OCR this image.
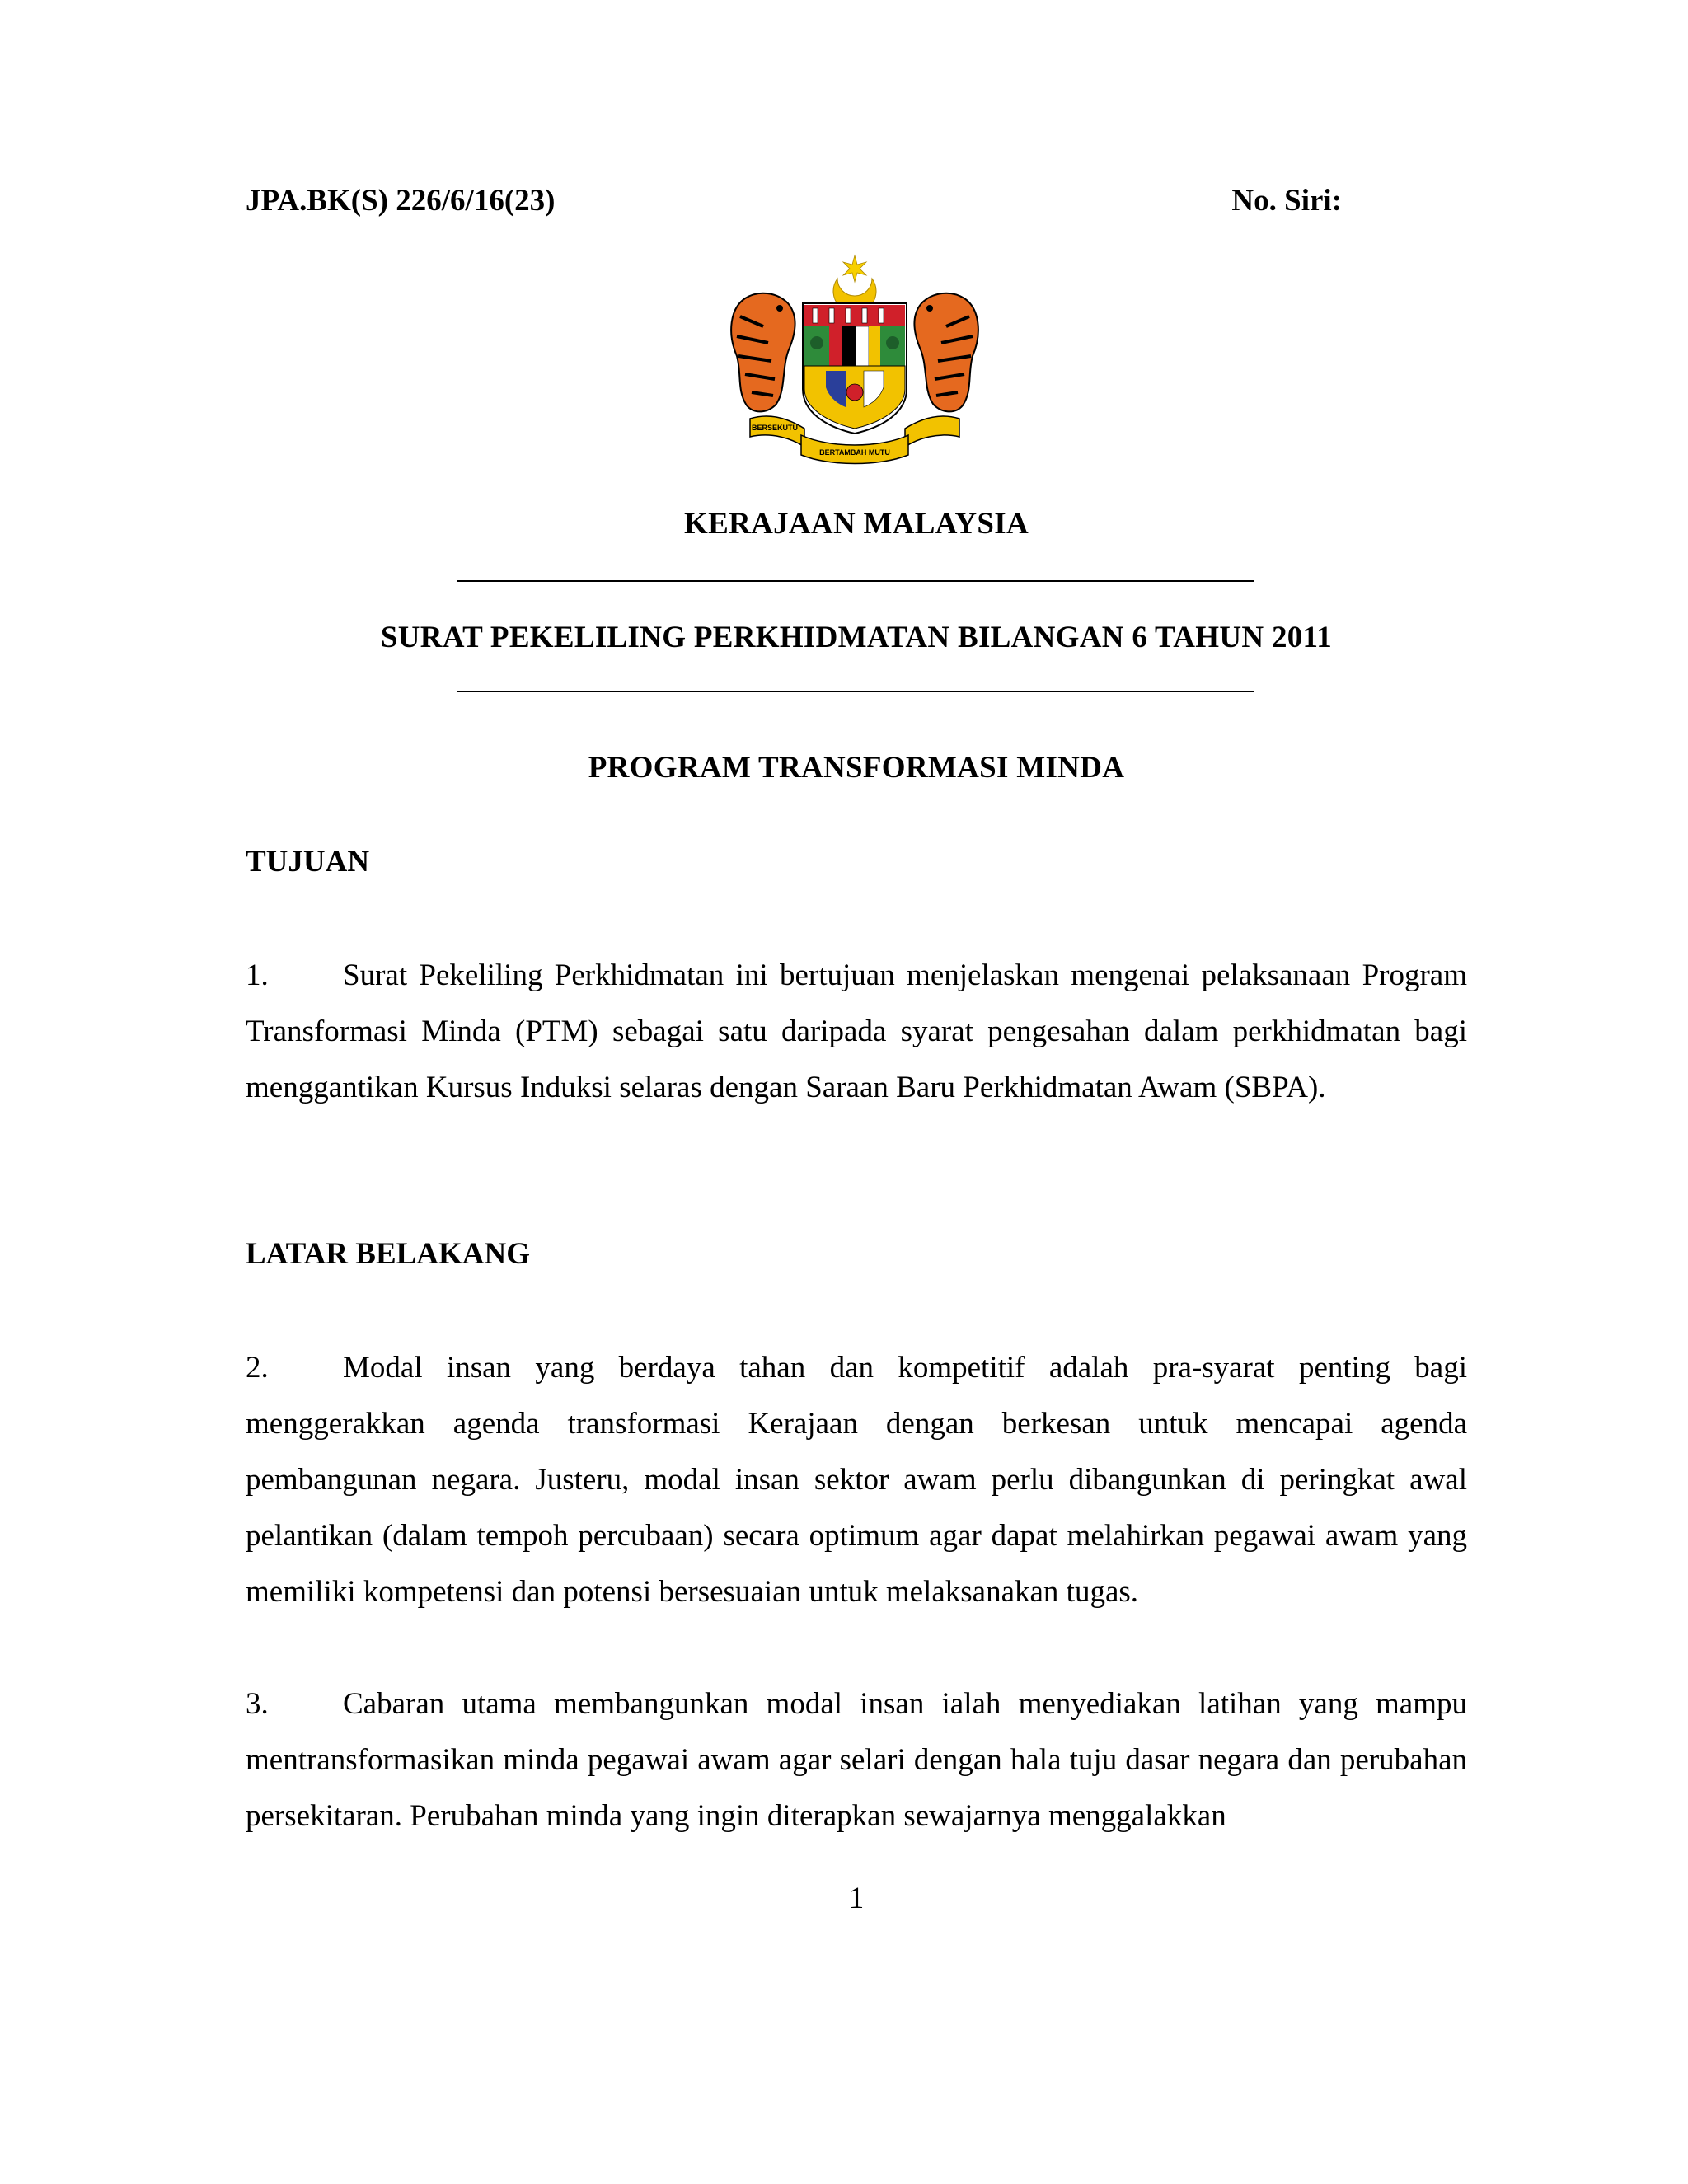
JPA.BK(S) 226/6/16(23)	No. Siri:
BERSEKUTU
BERTAMBAH MUTU
KERAJAAN MALAYSIA
SURAT PEKELILING PERKHIDMATAN BILANGAN 6 TAHUN 2011
PROGRAM TRANSFORMASI MINDA
TUJUAN
1. Surat Pekeliling Perkhidmatan ini bertujuan menjelaskan mengenai pelaksanaan Program Transformasi Minda (PTM) sebagai satu daripada syarat pengesahan dalam perkhidmatan bagi menggantikan Kursus Induksi selaras dengan Saraan Baru Perkhidmatan Awam (SBPA).
LATAR BELAKANG
2. Modal insan yang berdaya tahan dan kompetitif adalah pra-syarat penting bagi menggerakkan agenda transformasi Kerajaan dengan berkesan untuk mencapai agenda pembangunan negara. Justeru, modal insan sektor awam perlu dibangunkan di peringkat awal pelantikan (dalam tempoh percubaan) secara optimum agar dapat melahirkan pegawai awam yang memiliki kompetensi dan potensi bersesuaian untuk melaksanakan tugas.
3. Cabaran utama membangunkan modal insan ialah menyediakan latihan yang mampu mentransformasikan minda pegawai awam agar selari dengan hala tuju dasar negara dan perubahan persekitaran. Perubahan minda yang ingin diterapkan sewajarnya menggalakkan
1
